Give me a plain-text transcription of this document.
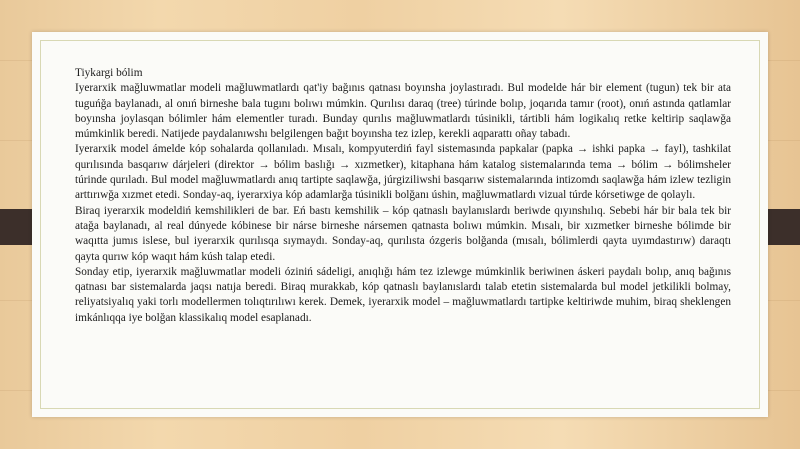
Tiykargi bólim

Iyerarxik mağluwmatlar modeli mağluwmatlardı qat'iy bağınıs qatnası boyınsha joylastıradı. Bul modelde hár bir element (tugun) tek bir ata tuguńğa baylanadı, al onıń birneshe bala tugını bolıwı múmkin. Qurılısı daraq (tree) túrinde bolıp, joqarıda tamır (root), onıń astında qatlamlar boyınsha joylasqan bólimler hám elementler turadı. Bunday qurılıs mağluwmatlardı túsinikli, tártibli hám logikalıq retke keltirip saqlawğa múmkinlik beredi. Natijede paydalanıwshı belgilengen bağıt boyınsha tez izlep, kerekli aqparattı oñay tabadı.

Iyerarxik model ámelde kóp sohalarda qollanıladı. Mısalı, kompyuterdiń fayl sistemasında papkalar (papka → ishki papka → fayl), tashkilat qurılısında basqarıw dárjeleri (direktor → bólim baslığı → xızmetker), kitaphana hám katalog sistemalarında tema → bólim → bólimsheler túrinde qurıladı. Bul model mağluwmatlardı anıq tartipte saqlawğa, júrgiziliwshi basqarıw sistemalarında intizomdı saqlawğa hám izlew tezligin arttırıwğa xızmet etedi. Sonday-aq, iyerarxiya kóp adamlarğa túsinikli bolğanı úshin, mağluwmatlardı vizual túrde kórsetiwge de qolaylı.

Biraq iyerarxik modeldiń kemshilikleri de bar. Eń bastı kemshilik – kóp qatnaslı baylanıslardı beriwde qıyınshılıq. Sebebi hár bir bala tek bir atağa baylanadı, al real dúnyede kóbinese bir nárse birneshe nársemen qatnasta bolıwı múmkin. Mısalı, bir xızmetker birneshe bólimde bir waqıtta jumıs islese, bul iyerarxik qurılısqa sıymaydı. Sonday-aq, qurılısta ózgeris bolğanda (mısalı, bólimlerdi qayta uyımdastırıw) daraqtı qayta qurıw kóp waqıt hám kúsh talap etedi.

Sonday etip, iyerarxik mağluwmatlar modeli óziniń sádeligi, anıqlığı hám tez izlewge múmkinlik beriwinen áskeri paydalı bolıp, anıq bağınıs qatnası bar sistemalarda jaqsı natıja beredi. Biraq murakkab, kóp qatnaslı baylanıslardı talab etetin sistemalarda bul model jetkilikli bolmay, reliyatsiyalıq yaki torlı modellermen tolıqtırılıwı kerek. Demek, iyerarxik model – mağluwmatlardı tartipke keltiriwde muhim, biraq sheklengen imkánlıqqa iye bolğan klassikalıq model esaplanadı.
